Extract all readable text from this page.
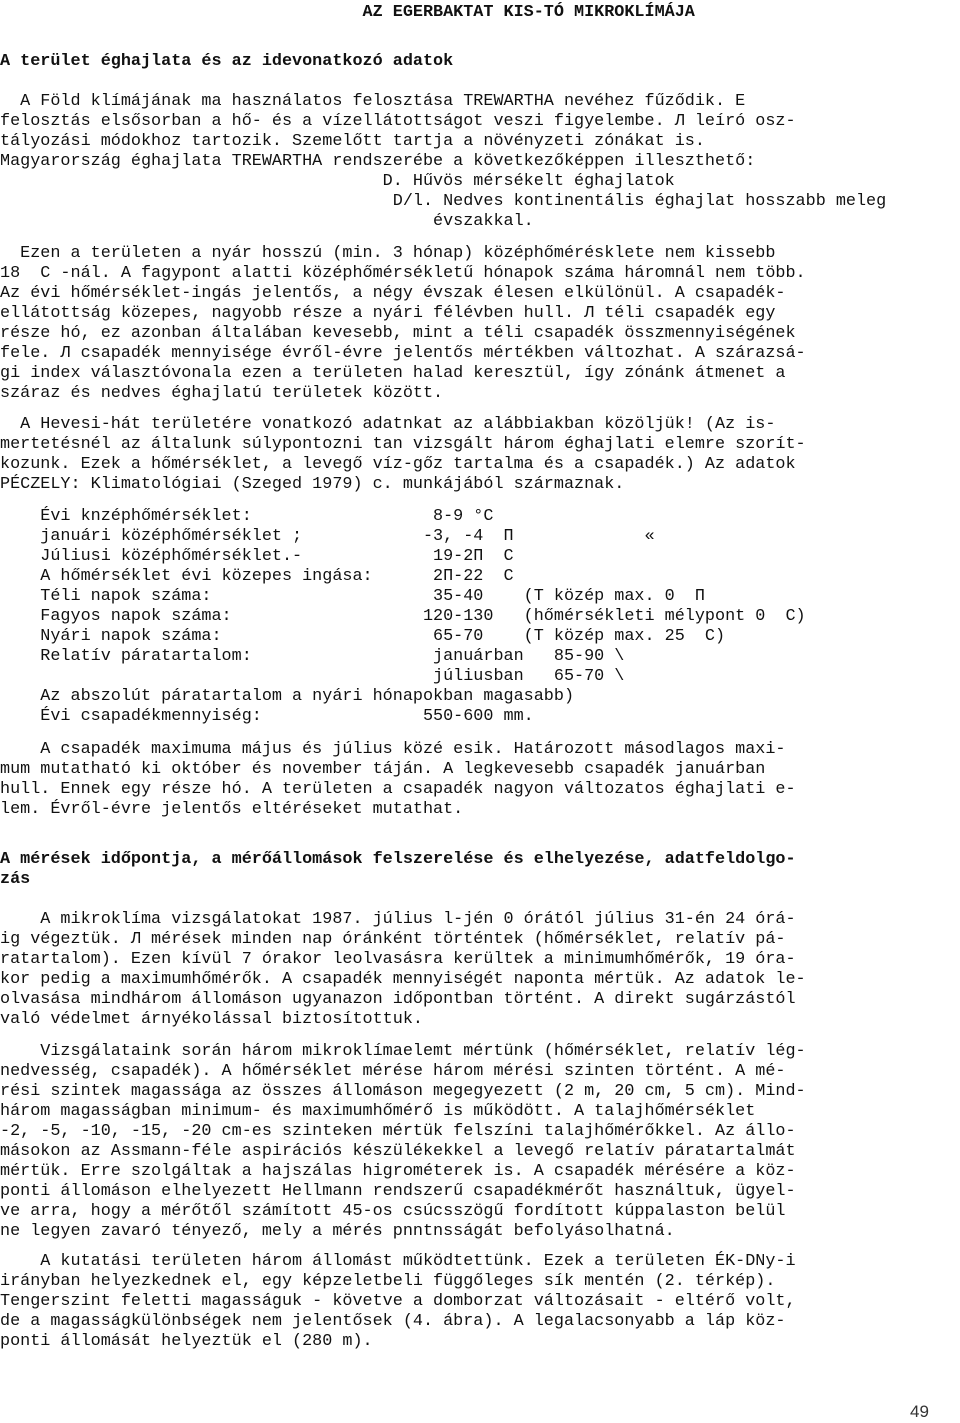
AZ EGERBAKTAT KIS-TÓ MIKROKLÍMÁJA
A terület éghajlata és az idevonatkozó adatok
A Föld klímájának ma használatos felosztása TREWARTHA nevéhez fűződik. E
felosztás elsősorban a hő- és a vízellátottságot veszi figyelembe. Л leíró osz-
tályozási módokhoz tartozik. Szemelőtt tartja a növényzeti zónákat is.
Magyarország éghajlata TREWARTHA rendszerébe a következőképpen illeszthető:
D. Hűvös mérsékelt éghajlatok
D/l. Nedves kontinentális éghajlat hosszabb meleg
évszakkal.
Ezen a területen a nyár hosszú (min. 3 hónap) középhőmérésklete nem kissebb
18  C -nál. A fagypont alatti középhőmérsékletű hónapok száma háromnál nem több.
Az évi hőmérséklet-ingás jelentős, a négy évszak élesen elkülönül. A csapadék-
ellátottság közepes, nagyobb része a nyári félévben hull. Л téli csapadék egy
része hó, ez azonban általában kevesebb, mint a téli csapadék összmennyiségének
fele. Л csapadék mennyisége évről-évre jelentős mértékben változhat. A szárazsá-
gi index választóvonala ezen a területen halad keresztül, így zónánk átmenet a
száraz és nedves éghajlatú területek között.
A Hevesi-hát területére vonatkozó adatnkat az alábbiakban közöljük! (Az is-
mertetésnél az általunk súlypontozni tan vizsgált három éghajlati elemre szorít-
kozunk. Ezek a hőmérséklet, a levegő víz-gőz tartalma és a csapadék.) Az adatok
PÉCZELY: Klimatológiai (Szeged 1979) c. munkájából származnak.
Évi knzéphőmérséklet:                  8-9 °C
januári középhőmérséklet ;            -3, -4  П             «
Júliusi középhőmérséklet.-             19-2П  С
A hőmérséklet évi közepes ingása:      2П-22  С
Téli napok száma:                      35-40    (T közép max. 0  П
Fagyos napok száma:                   120-130   (hőmérsékleti mélypont 0  C)
Nyári napok száma:                     65-70    (T közép max. 25  C)
Relatív páratartalom:                  januárban   85-90 \
júliusban   65-70 \
Az abszolút páratartalom a nyári hónapokban magasabb)
Évi csapadékmennyiség:                550-600 mm.
A csapadék maximuma május és július közé esik. Határozott másodlagos maxi-
mum mutatható ki október és november táján. A legkevesebb csapadék januárban
hull. Ennek egy része hó. A területen a csapadék nagyon változatos éghajlati e-
lem. Évről-évre jelentős eltéréseket mutathat.
A mérések időpontja, a mérőállomások felszerelése és elhelyezése, adatfeldolgo-
zás
A mikroklíma vizsgálatokat 1987. július l-jén 0 órától július 31-én 24 órá-
ig végeztük. Л mérések minden nap óránként történtek (hőmérséklet, relatív pá-
ratartalom). Ezen kívül 7 órakor leolvasásra kerültek a minimumhőmérők, 19 óra-
kor pedig a maximumhőmérők. A csapadék mennyiségét naponta mértük. Az adatok le-
olvasása mindhárom állomáson ugyanazon időpontban történt. A direkt sugárzástól
való védelmet árnyékolással biztosítottuk.
Vizsgálataink során három mikroklímaelemt mértünk (hőmérséklet, relatív lég-
nedvesség, csapadék). A hőmérséklet mérése három mérési szinten történt. A mé-
rési szintek magassága az összes állomáson megegyezett (2 m, 20 cm, 5 cm). Mind-
három magasságban minimum- és maximumhőmérő is működött. A talajhőmérséklet
-2, -5, -10, -15, -20 cm-es szinteken mértük felszíni talajhőmérőkkel. Az állo-
másokon az Assmann-féle aspirációs készülékekkel a levegő relatív páratartalmát
mértük. Erre szolgáltak a hajszálas higrométerek is. A csapadék mérésére a köz-
ponti állomáson elhelyezett Hellmann rendszerű csapadékmérőt használtuk, ügyel-
ve arra, hogy a mérőtől számított 45-os csúcsszögű fordított kúppalaston belül
ne legyen zavaró tényező, mely a mérés pnntnsságát befolyásolhatná.
A kutatási területen három állomást működtettünk. Ezek a területen ÉK-DNy-i
irányban helyezkednek el, egy képzeletbeli függőleges sík mentén (2. térkép).
Tengerszint feletti magasságuk - követve a domborzat változásait - eltérő volt,
de a magasságkülönbségek nem jelentősek (4. ábra). A legalacsonyabb a láp köz-
ponti állomását helyeztük el (280 m).
49
